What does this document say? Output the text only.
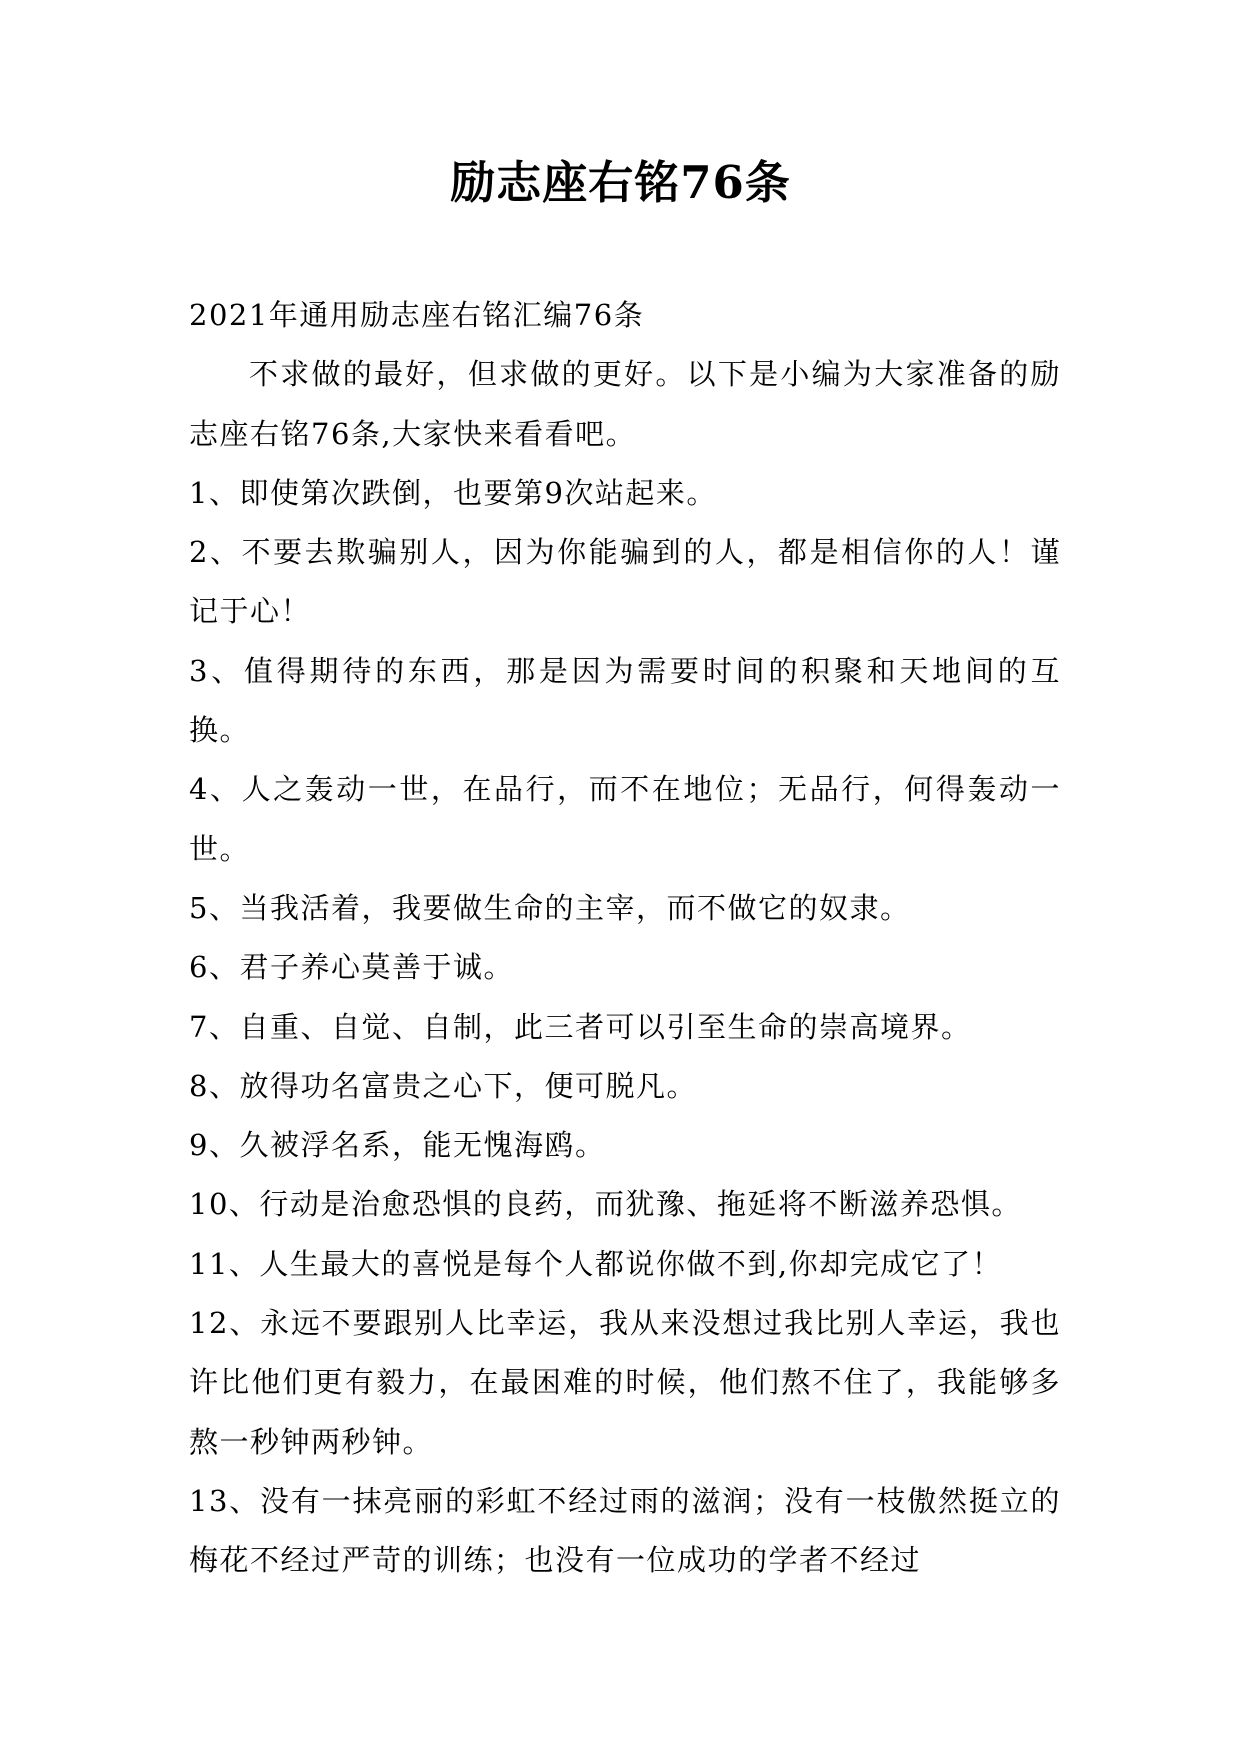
励志座右铭76条

2021年通用励志座右铭汇编76条

不求做的最好，但求做的更好。以下是小编为大家准备的励志座右铭76条,大家快来看看吧。

1、即使第次跌倒，也要第9次站起来。

2、不要去欺骗别人，因为你能骗到的人，都是相信你的人！谨记于心！

3、值得期待的东西，那是因为需要时间的积聚和天地间的互换。

4、人之轰动一世，在品行，而不在地位；无品行，何得轰动一世。

5、当我活着，我要做生命的主宰，而不做它的奴隶。

6、君子养心莫善于诚。

7、自重、自觉、自制，此三者可以引至生命的崇高境界。

8、放得功名富贵之心下，便可脱凡。

9、久被浮名系，能无愧海鸥。

10、行动是治愈恐惧的良药，而犹豫、拖延将不断滋养恐惧。

11、人生最大的喜悦是每个人都说你做不到,你却完成它了！

12、永远不要跟别人比幸运，我从来没想过我比别人幸运，我也许比他们更有毅力，在最困难的时候，他们熬不住了，我能够多熬一秒钟两秒钟。

13、没有一抹亮丽的彩虹不经过雨的滋润；没有一枝傲然挺立的梅花不经过严苛的训练；也没有一位成功的学者不经过
